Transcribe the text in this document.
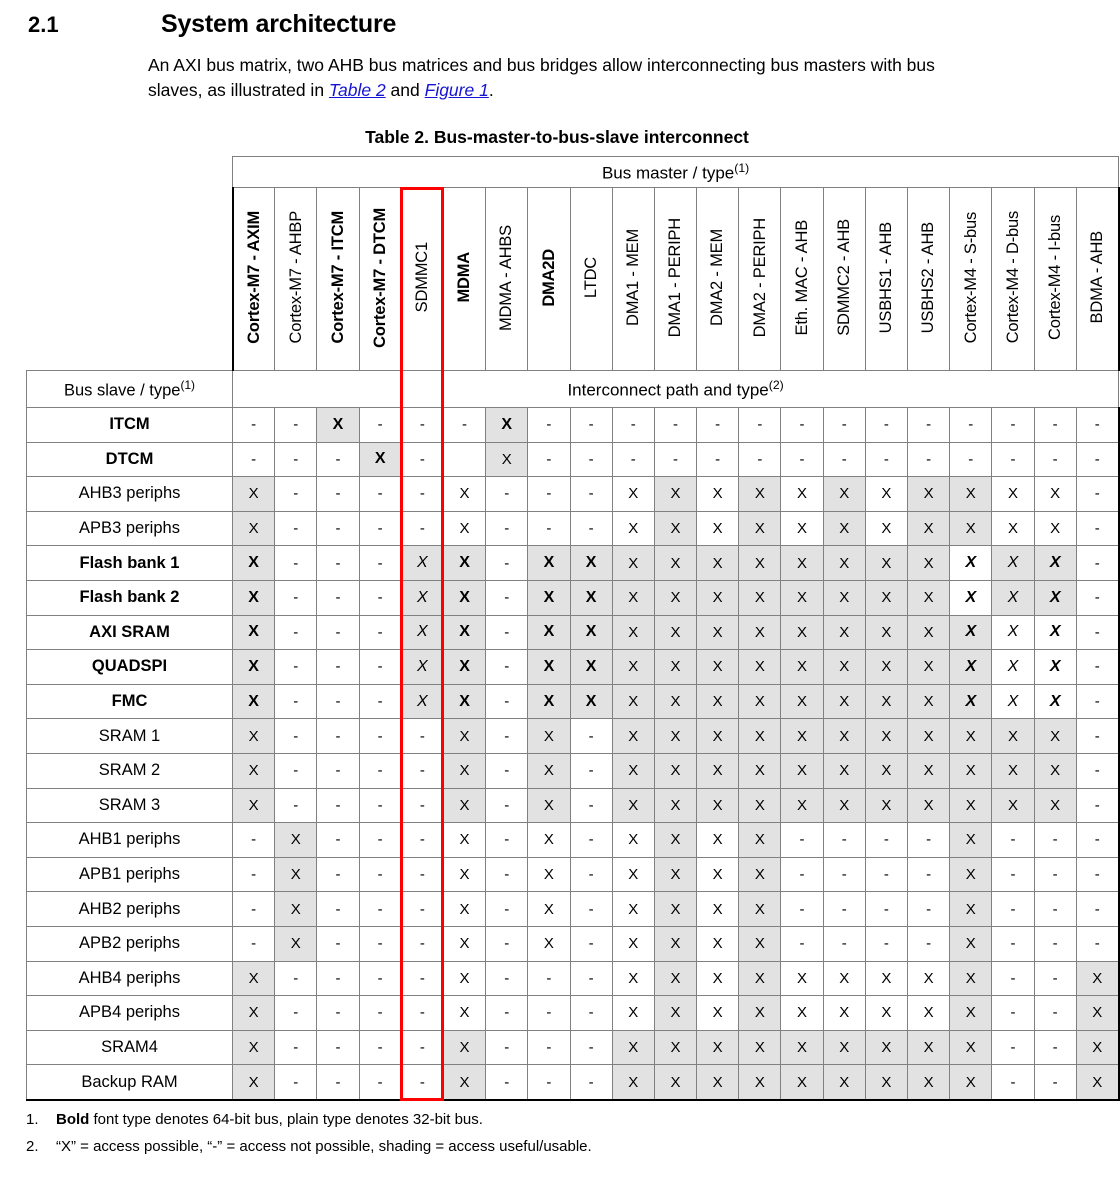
2.1	System architecture

An AXI bus matrix, two AHB bus matrices and bus bridges allow interconnecting bus masters with bus slaves, as illustrated in Table 2 and Figure 1.

Table 2. Bus-master-to-bus-slave interconnect
	Bus master / type$^{(1)}$
	Cortex-M7 - AXIM	Cortex-M7 - AHBP	Cortex-M7 - ITCM	Cortex-M7 - DTCM	SDMMC1	MDMA	MDMA - AHBS	DMA2D	LTDC	DMA1 - MEM	DMA1 - PERIPH	DMA2 - MEM	DMA2 - PERIPH	Eth. MAC - AHB	SDMMC2 - AHB	USBHS1 - AHB	USBHS2 - AHB	Cortex-M4 - S-bus	Cortex-M4 - D-bus	Cortex-M4 - I-bus	BDMA - AHB
Bus slave / type$^{(1)}$	Interconnect path and type$^{(2)}$
ITCM	-	-	X	-	-	-	X	-	-	-	-	-	-	-	-	-	-	-	-	-	-
DTCM	-	-	-	X	-		X	-	-	-	-	-	-	-	-	-	-	-	-	-	-
AHB3 periphs	X	-	-	-	-	X	-	-	-	X	X	X	X	X	X	X	X	X	X	X	-
APB3 periphs	X	-	-	-	-	X	-	-	-	X	X	X	X	X	X	X	X	X	X	X	-
Flash bank 1	X	-	-	-	X	X	-	X	X	X	X	X	X	X	X	X	X	X	X	X	-
Flash bank 2	X	-	-	-	X	X	-	X	X	X	X	X	X	X	X	X	X	X	X	X	-
AXI SRAM	X	-	-	-	X	X	-	X	X	X	X	X	X	X	X	X	X	X	X	X	-
QUADSPI	X	-	-	-	X	X	-	X	X	X	X	X	X	X	X	X	X	X	X	X	-
FMC	X	-	-	-	X	X	-	X	X	X	X	X	X	X	X	X	X	X	X	X	-
SRAM 1	X	-	-	-	-	X	-	X	-	X	X	X	X	X	X	X	X	X	X	X	-
SRAM 2	X	-	-	-	-	X	-	X	-	X	X	X	X	X	X	X	X	X	X	X	-
SRAM 3	X	-	-	-	-	X	-	X	-	X	X	X	X	X	X	X	X	X	X	X	-
AHB1 periphs	-	X	-	-	-	X	-	X	-	X	X	X	X	-	-	-	-	X	-	-	-
APB1 periphs	-	X	-	-	-	X	-	X	-	X	X	X	X	-	-	-	-	X	-	-	-
AHB2 periphs	-	X	-	-	-	X	-	X	-	X	X	X	X	-	-	-	-	X	-	-	-
APB2 periphs	-	X	-	-	-	X	-	X	-	X	X	X	X	-	-	-	-	X	-	-	-
AHB4 periphs	X	-	-	-	-	X	-	-	-	X	X	X	X	X	X	X	X	X	-	-	X
APB4 periphs	X	-	-	-	-	X	-	-	-	X	X	X	X	X	X	X	X	X	-	-	X
SRAM4	X	-	-	-	-	X	-	-	-	X	X	X	X	X	X	X	X	X	-	-	X
Backup RAM	X	-	-	-	-	X	-	-	-	X	X	X	X	X	X	X	X	X	-	-	X
1.	Bold font type denotes 64-bit bus, plain type denotes 32-bit bus.
2.	“X” = access possible, “-” = access not possible, shading = access useful/usable.
